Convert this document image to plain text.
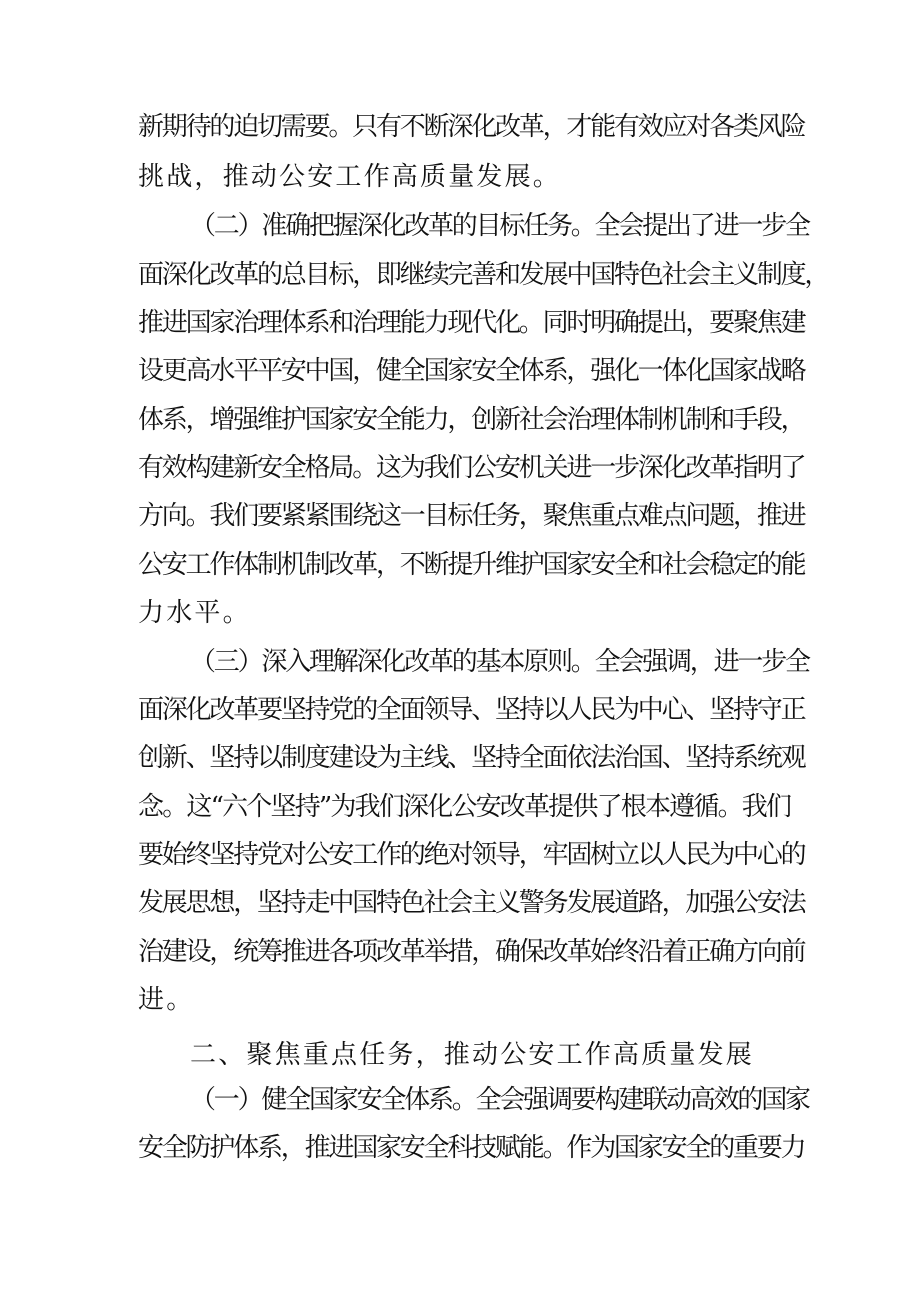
新期待的迫切需要。只有不断深化改革，才能有效应对各类风险
挑战，推动公安工作高质量发展。
（二）准确把握深化改革的目标任务。全会提出了进一步全
面深化改革的总目标，即继续完善和发展中国特色社会主义制度，
推进国家治理体系和治理能力现代化。同时明确提出，要聚焦建
设更高水平平安中国，健全国家安全体系，强化一体化国家战略
体系，增强维护国家安全能力，创新社会治理体制机制和手段，
有效构建新安全格局。这为我们公安机关进一步深化改革指明了
方向。我们要紧紧围绕这一目标任务，聚焦重点难点问题，推进
公安工作体制机制改革，不断提升维护国家安全和社会稳定的能
力水平。
（三）深入理解深化改革的基本原则。全会强调，进一步全
面深化改革要坚持党的全面领导、坚持以人民为中心、坚持守正
创新、坚持以制度建设为主线、坚持全面依法治国、坚持系统观
念。这“六个坚持”为我们深化公安改革提供了根本遵循。我们
要始终坚持党对公安工作的绝对领导，牢固树立以人民为中心的
发展思想，坚持走中国特色社会主义警务发展道路，加强公安法
治建设，统筹推进各项改革举措，确保改革始终沿着正确方向前
进。
二、聚焦重点任务，推动公安工作高质量发展
（一）健全国家安全体系。全会强调要构建联动高效的国家
安全防护体系，推进国家安全科技赋能。作为国家安全的重要力
